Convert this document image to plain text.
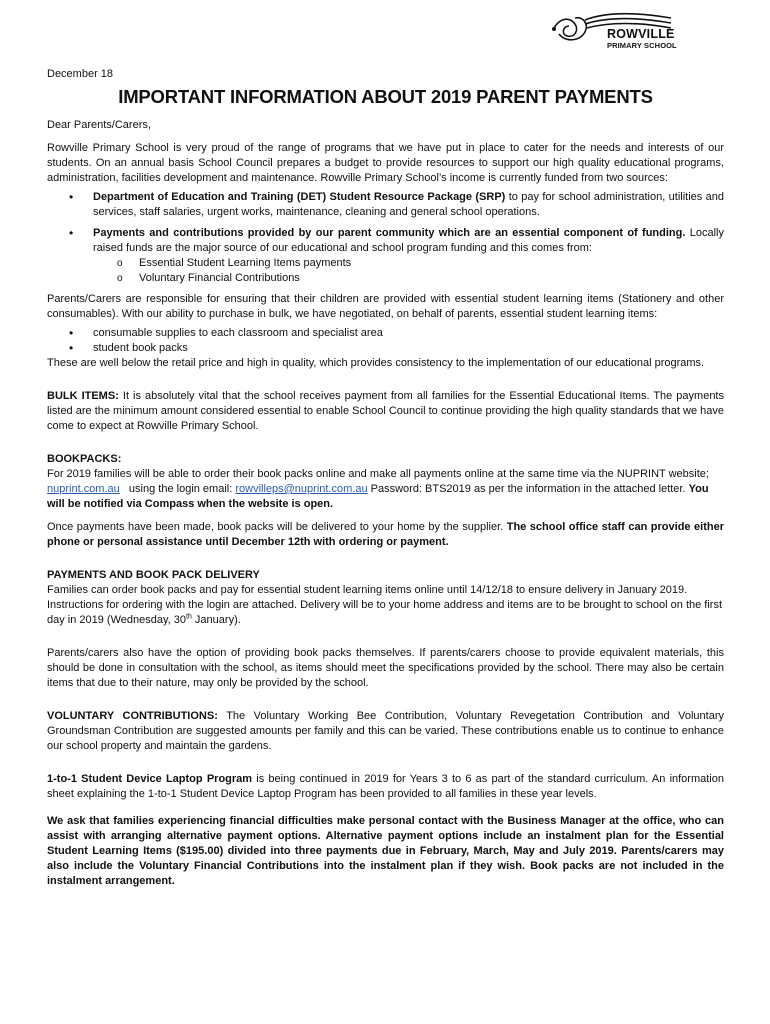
ROWVILLE
PRIMARY SCHOOL

December 18

IMPORTANT INFORMATION ABOUT 2019 PARENT PAYMENTS

Dear Parents/Carers,

Rowville Primary School is very proud of the range of programs that we have put in place to cater for the needs and interests of our students. On an annual basis School Council prepares a budget to provide resources to support our high quality educational programs, administration, facilities development and maintenance. Rowville Primary School’s income is currently funded from two sources:

• Department of Education and Training (DET) Student Resource Package (SRP) to pay for school administration, utilities and services, staff salaries, urgent works, maintenance, cleaning and general school operations.
• Payments and contributions provided by our parent community which are an essential component of funding. Locally raised funds are the major source of our educational and school program funding and this comes from:
o Essential Student Learning Items payments
o Voluntary Financial Contributions

Parents/Carers are responsible for ensuring that their children are provided with essential student learning items (Stationery and other consumables). With our ability to purchase in bulk, we have negotiated, on behalf of parents, essential student learning items:

• consumable supplies to each classroom and specialist area
• student book packs

These are well below the retail price and high in quality, which provides consistency to the implementation of our educational programs.

BULK ITEMS: It is absolutely vital that the school receives payment from all families for the Essential Educational Items. The payments listed are the minimum amount considered essential to enable School Council to continue providing the high quality standards that we have come to expect at Rowville Primary School.

BOOKPACKS:

For 2019 families will be able to order their book packs online and make all payments online at the same time via the NUPRINT website; nuprint.com.au   using the login email: rowvilleps@nuprint.com.au Password: BTS2019 as per the information in the attached letter. You will be notified via Compass when the website is open.

Once payments have been made, book packs will be delivered to your home by the supplier. The school office staff can provide either phone or personal assistance until December 12th with ordering or payment.

PAYMENTS AND BOOK PACK DELIVERY

Families can order book packs and pay for essential student learning items online until 14/12/18 to ensure delivery in January 2019. Instructions for ordering with the login are attached. Delivery will be to your home address and items are to be brought to school on the first day in 2019 (Wednesday, 30th January).

Parents/carers also have the option of providing book packs themselves. If parents/carers choose to provide equivalent materials, this should be done in consultation with the school, as items should meet the specifications provided by the school. There may also be certain items that due to their nature, may only be provided by the school.

VOLUNTARY CONTRIBUTIONS: The Voluntary Working Bee Contribution, Voluntary Revegetation Contribution and Voluntary Groundsman Contribution are suggested amounts per family and this can be varied. These contributions enable us to continue to enhance our school property and maintain the gardens.

1-to-1 Student Device Laptop Program is being continued in 2019 for Years 3 to 6 as part of the standard curriculum. An information sheet explaining the 1-to-1 Student Device Laptop Program has been provided to all families in these year levels.

We ask that families experiencing financial difficulties make personal contact with the Business Manager at the office, who can assist with arranging alternative payment options. Alternative payment options include an instalment plan for the Essential Student Learning Items ($195.00) divided into three payments due in February, March, May and July 2019. Parents/carers may also include the Voluntary Financial Contributions into the instalment plan if they wish. Book packs are not included in the instalment arrangement.
